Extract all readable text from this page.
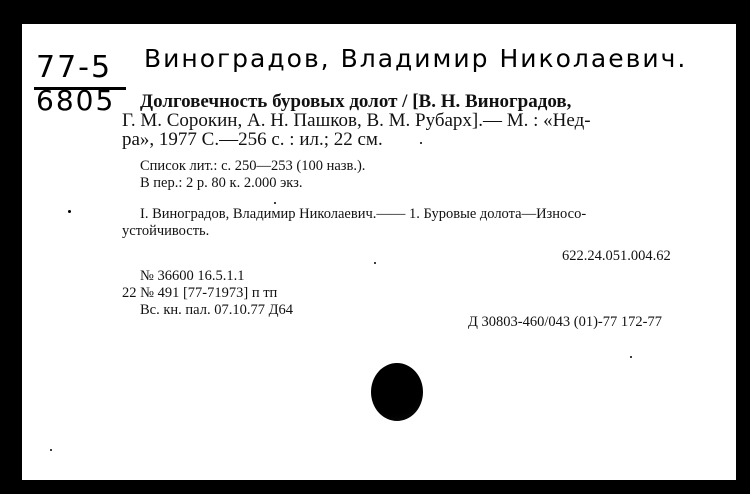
77-5
6805
Виноградов, Владимир Николаевич.
Долговечность буровых долот / [В. Н. Виноградов,
Г. М. Сорокин, А. Н. Пашков, В. М. Рубарх].— М. : «Нед-
ра», 1977 С.—256 с. : ил.; 22 см.
Список лит.: с. 250—253 (100 назв.).
В пер.: 2 р. 80 к. 2.000 экз.
I. Виноградов, Владимир Николаевич.—— 1. Буровые долота—Износо-
устойчивость.
622.24.051.004.62
№ 36600 16.5.1.1
22 № 491 [77-71973] п тп
Вс. кн. пал. 07.10.77 Д64
Д 30803-460/043 (01)-77 172-77
